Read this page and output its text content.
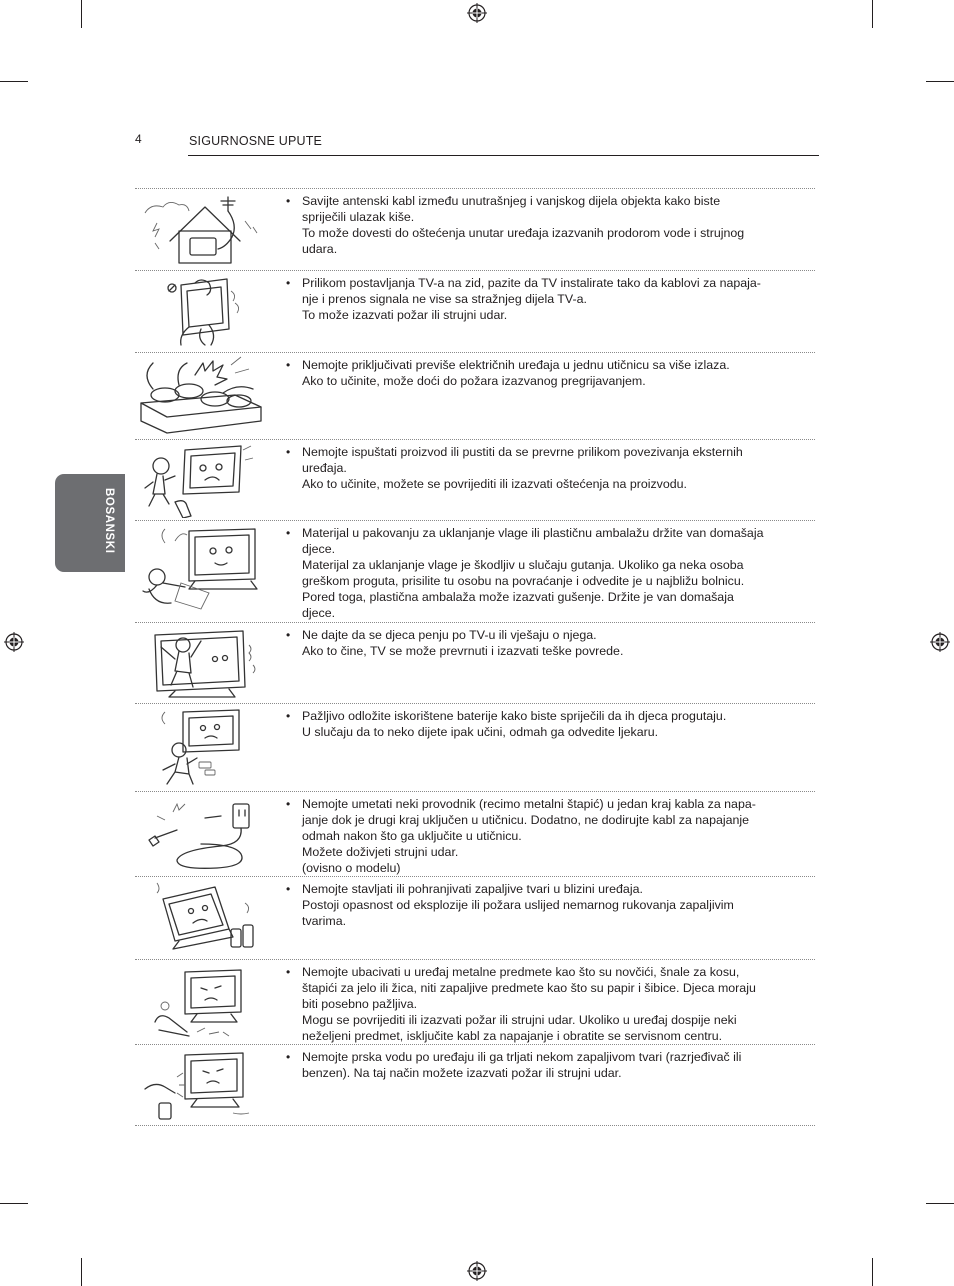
4	SIGURNOSNE UPUTE
BOSANSKI
• Savijte antenski kabl između unutrašnjeg i vanjskog dijela objekta kako biste
spriječili ulazak kiše.
To može dovesti do oštećenja unutar uređaja izazvanih prodorom vode i strujnog
udara.
• Prilikom postavljanja TV-a na zid, pazite da TV instalirate tako da kablovi za napaja-
nje i prenos signala ne vise sa stražnjeg dijela TV-a.
To može izazvati požar ili strujni udar.
• Nemojte priključivati previše električnih uređaja u jednu utičnicu sa više izlaza.
Ako to učinite, može doći do požara izazvanog pregrijavanjem.
• Nemojte ispuštati proizvod ili pustiti da se prevrne prilikom povezivanja eksternih
uređaja.
Ako to učinite, možete se povrijediti ili izazvati oštećenja na proizvodu.
• Materijal u pakovanju za uklanjanje vlage ili plastičnu ambalažu držite van domašaja
djece.
Materijal za uklanjanje vlage je škodljiv u slučaju gutanja. Ukoliko ga neka osoba
greškom proguta, prisilite tu osobu na povraćanje i odvedite je u najbližu bolnicu.
Pored toga, plastična ambalaža može izazvati gušenje. Držite je van domašaja
djece.
• Ne dajte da se djeca penju po TV-u ili vješaju o njega.
Ako to čine, TV se može prevrnuti i izazvati teške povrede.
• Pažljivo odložite iskorištene baterije kako biste spriječili da ih djeca progutaju.
U slučaju da to neko dijete ipak učini, odmah ga odvedite ljekaru.
• Nemojte umetati neki provodnik (recimo metalni štapić) u jedan kraj kabla za napa-
janje dok je drugi kraj uključen u utičnicu. Dodatno, ne dodirujte kabl za napajanje
odmah nakon što ga uključite u utičnicu.
Možete doživjeti strujni udar.
(ovisno o modelu)
• Nemojte stavljati ili pohranjivati zapaljive tvari u blizini uređaja.
Postoji opasnost od eksplozije ili požara uslijed nemarnog rukovanja zapaljivim
tvarima.
• Nemojte ubacivati u uređaj metalne predmete kao što su novčići, šnale za kosu,
štapići za jelo ili žica, niti zapaljive predmete kao što su papir i šibice. Djeca moraju
biti posebno pažljiva.
Mogu se povrijediti ili izazvati požar ili strujni udar. Ukoliko u uređaj dospije neki
neželjeni predmet, isključite kabl za napajanje i obratite se servisnom centru.
• Nemojte prska vodu po uređaju ili ga trljati nekom zapaljivom tvari (razrjeđivač ili
benzen). Na taj način možete izazvati požar ili strujni udar.
